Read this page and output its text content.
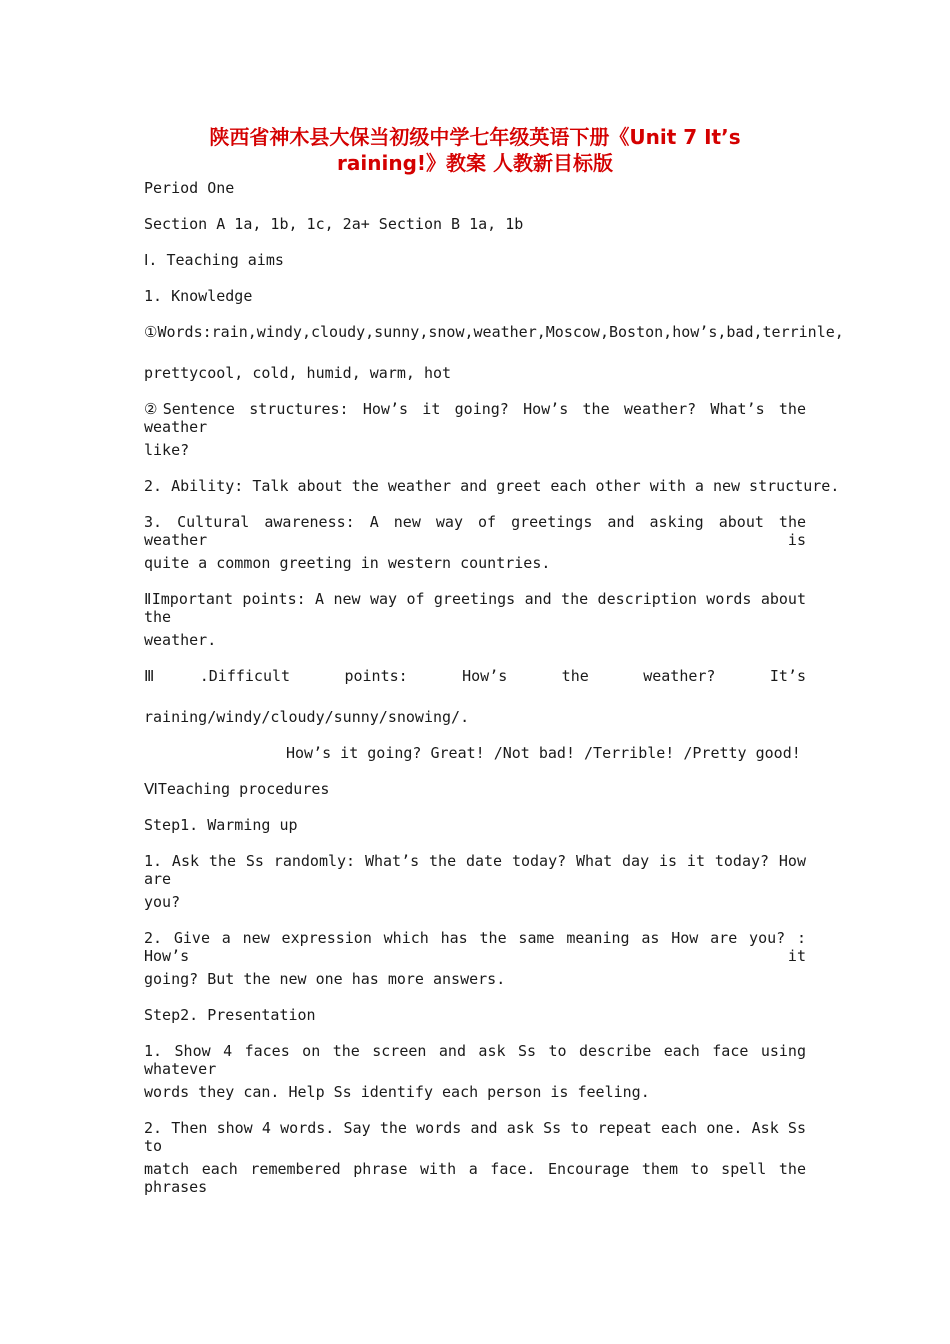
陕西省神木县大保当初级中学七年级英语下册《Unit 7 It’s
raining!》教案 人教新目标版

Period One

Section A 1a, 1b, 1c, 2a+ Section B 1a, 1b

Ⅰ. Teaching aims

1. Knowledge

①Words:rain,windy,cloudy,sunny,snow,weather,Moscow,Boston,how’s,bad,terrinle,

prettycool, cold, humid, warm, hot

②Sentence structures: How’s it going? How’s the weather? What’s the weather

like?

2. Ability: Talk about the weather and greet each other with a new structure.

3. Cultural awareness: A new way of greetings and asking about the weather is

quite a common greeting in western countries.

ⅡImportant points: A new way of greetings and the description words about the

weather.

Ⅲ.Difficult points: How’s the weather? It’s

raining/windy/cloudy/sunny/snowing/.

How’s it going? Great! /Not bad! /Terrible! /Pretty good!

ⅥTeaching procedures

Step1. Warming up

1. Ask the Ss randomly: What’s the date today? What day is it today? How are

you?

2. Give a new expression which has the same meaning as How are you? : How’s it

going? But the new one has more answers.

Step2. Presentation

1. Show 4 faces on the screen and ask Ss to describe each face using whatever

words they can. Help Ss identify each person is feeling.

2. Then show 4 words. Say the words and ask Ss to repeat each one. Ask Ss to

match each remembered phrase with a face. Encourage them to spell the phrases
